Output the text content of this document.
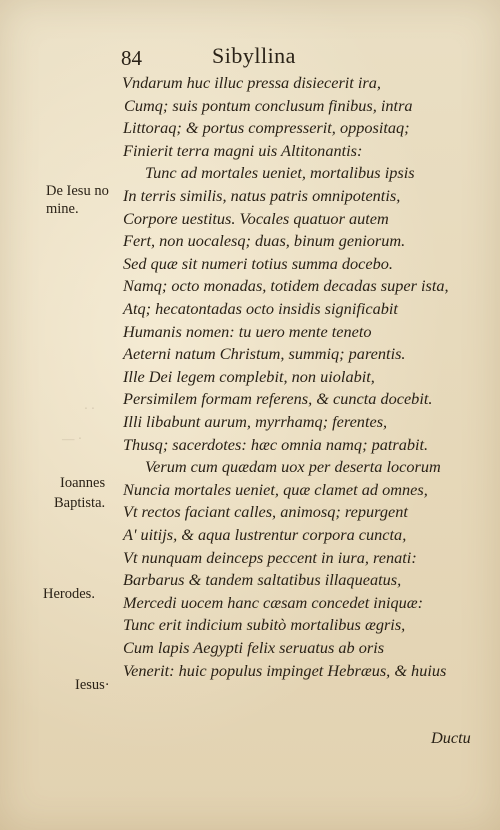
84	Sibyllina
· ·
— ·
Vndarum huc illuc pressa disiecerit ira,
Cumq; suis pontum conclusum finibus, intra
Littoraq; & portus compresserit, oppositaq;
Finierit terra magni uis Altitonantis:
Tunc ad mortales ueniet, mortalibus ipsis
In terris similis, natus patris omnipotentis,
Corpore uestitus. Vocales quatuor autem
Fert, non uocalesq; duas, binum geniorum.
Sed quæ sit numeri totius summa docebo.
Namq; octo monadas, totidem decadas super ista,
Atq; hecatontadas octo insidis significabit
Humanis nomen: tu uero mente teneto
Aeterni natum Christum, summiq; parentis.
Ille Dei legem complebit, non uiolabit,
Persimilem formam referens, & cuncta docebit.
Illi libabunt aurum, myrrhamq; ferentes,
Thusq; sacerdotes: hæc omnia namq; patrabit.
Verum cum quædam uox per deserta locorum
Nuncia mortales ueniet, quæ clamet ad omnes,
Vt rectos faciant calles, animosq; repurgent
A' uitijs, & aqua lustrentur corpora cuncta,
Vt nunquam deinceps peccent in iura, renati:
Barbarus & tandem saltatibus illaqueatus,
Mercedi uocem hanc cæsam concedet iniquæ:
Tunc erit indicium subitò mortalibus ægris,
Cum lapis Aegypti felix seruatus ab oris
Venerit: huic populus impinget Hebræus, & huius
De Iesu no
mine.
Ioannes
Baptista.
Herodes.
Iesus·
Ductu
